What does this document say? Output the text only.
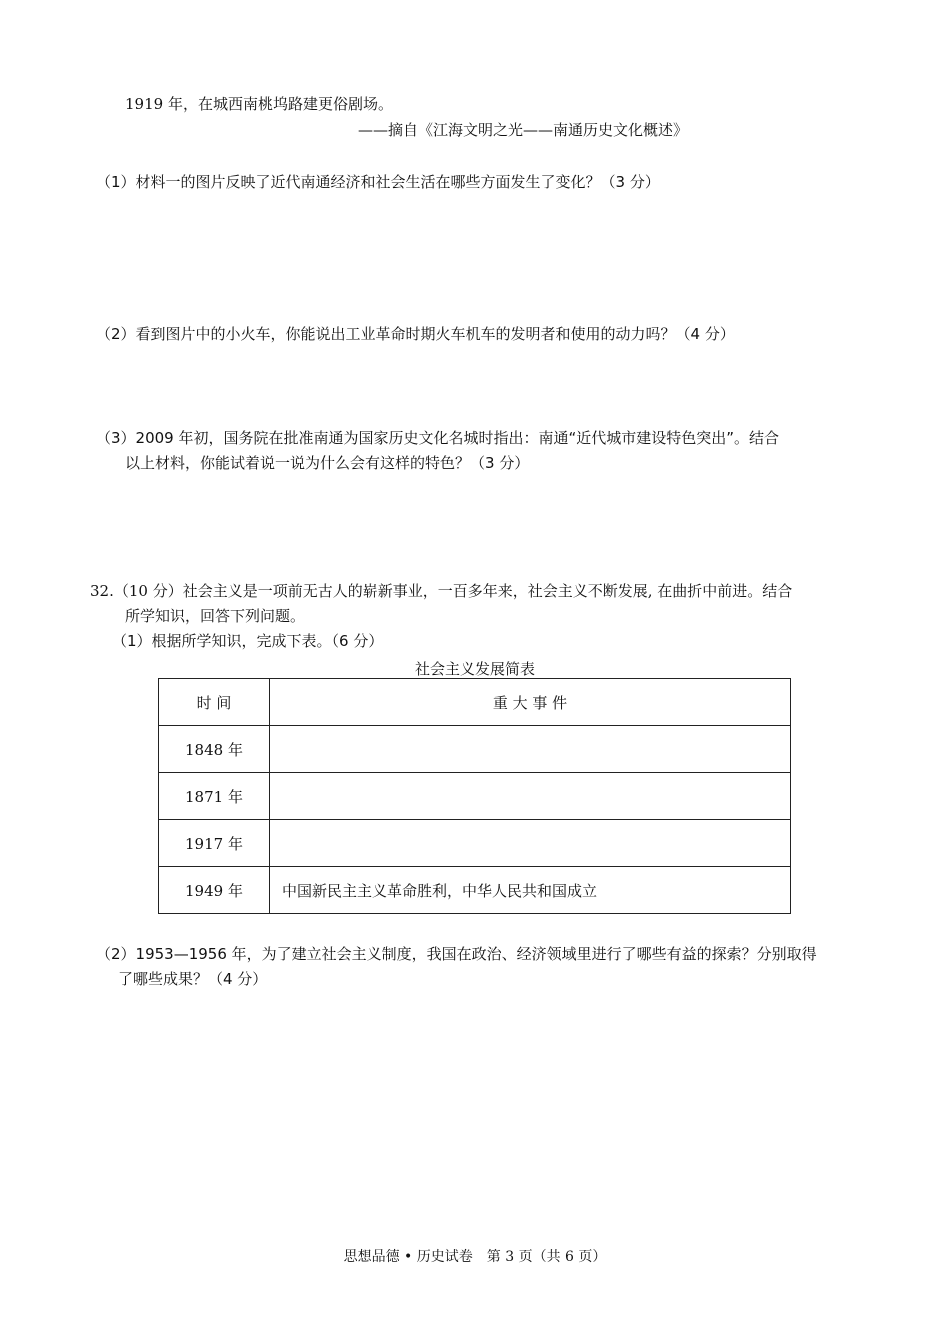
1919 年，在城西南桃坞路建更俗剧场。
——摘自《江海文明之光——南通历史文化概述》
（1）材料一的图片反映了近代南通经济和社会生活在哪些方面发生了变化？（3 分）
（2）看到图片中的小火车，你能说出工业革命时期火车机车的发明者和使用的动力吗？（4 分）
（3）2009 年初，国务院在批准南通为国家历史文化名城时指出：南通“近代城市建设特色突出”。结合
以上材料，你能试着说一说为什么会有这样的特色？（3 分）
32.（10 分）社会主义是一项前无古人的崭新事业，一百多年来，社会主义不断发展, 在曲折中前进。结合
所学知识，回答下列问题。
（1）根据所学知识，完成下表。（6 分）
社会主义发展简表
时 间	重 大 事 件
1848 年	
1871 年	
1917 年	
1949 年	中国新民主主义革命胜利，中华人民共和国成立
（2）1953—1956 年，为了建立社会主义制度，我国在政治、经济领域里进行了哪些有益的探索？分别取得
了哪些成果？（4 分）
思想品德 • 历史试卷　第 3 页（共 6 页）
